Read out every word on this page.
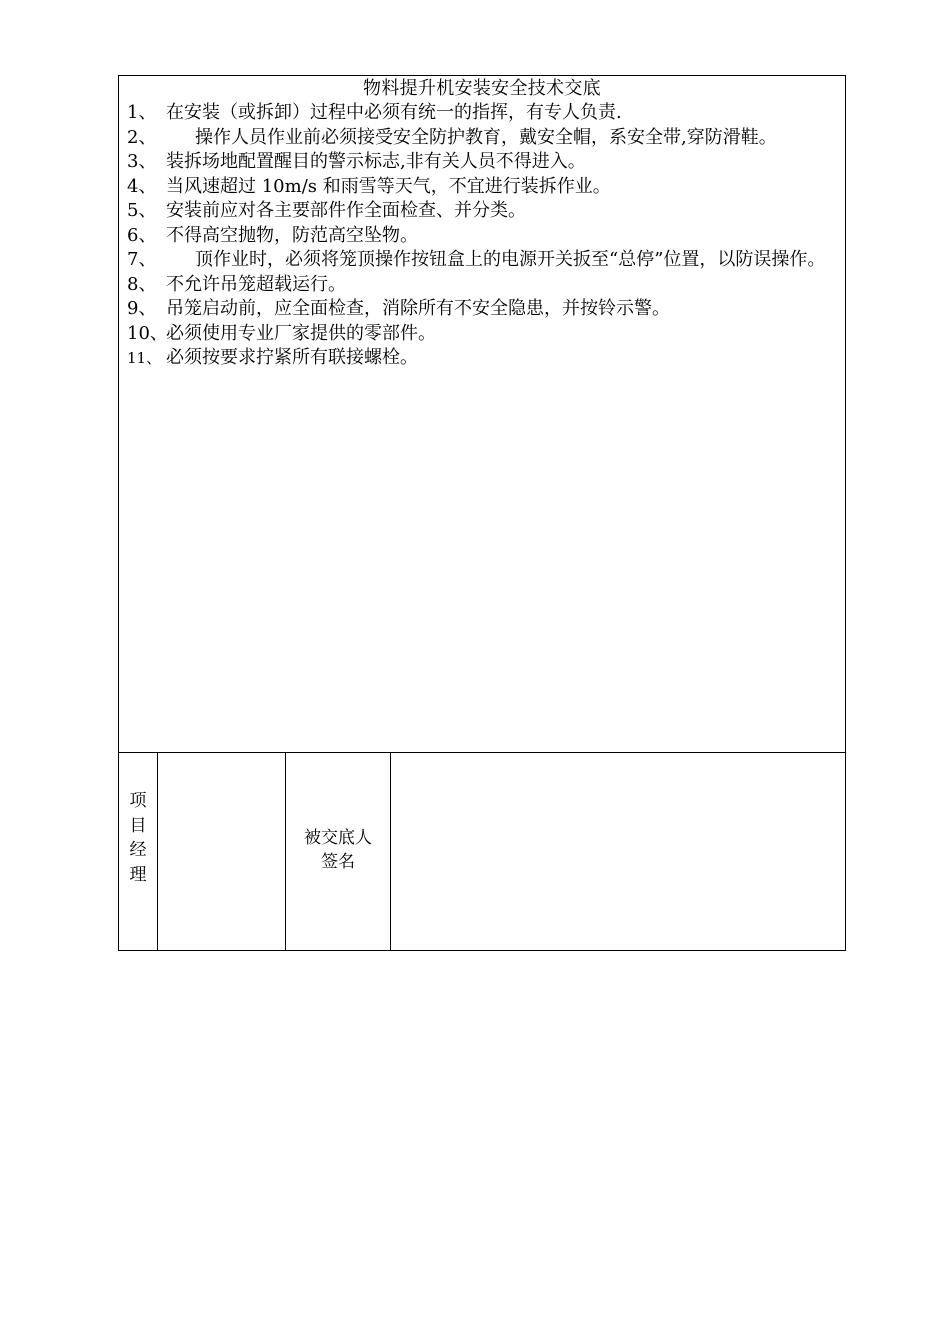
物料提升机安装安全技术交底
1、 在安装（或拆卸）过程中必须有统一的指挥，有专人负责.
2、	操作人员作业前必须接受安全防护教育，戴安全帽，系安全带,穿防滑鞋。
3、 装拆场地配置醒目的警示标志,非有关人员不得进入。
4、 当风速超过 10m/s 和雨雪等天气，不宜进行装拆作业。
5、 安装前应对各主要部件作全面检查、并分类。
6、 不得高空抛物，防范高空坠物。
7、	顶作业时，必须将笼顶操作按钮盒上的电源开关扳至“总停”位置，以防误操作。
8、 不允许吊笼超载运行。
9、 吊笼启动前，应全面检查，消除所有不安全隐患，并按铃示警。
10、
必须使用专业厂家提供的零部件。
11、 必须按要求拧紧所有联接螺栓。
项
目
经
理
被交底人
签名
